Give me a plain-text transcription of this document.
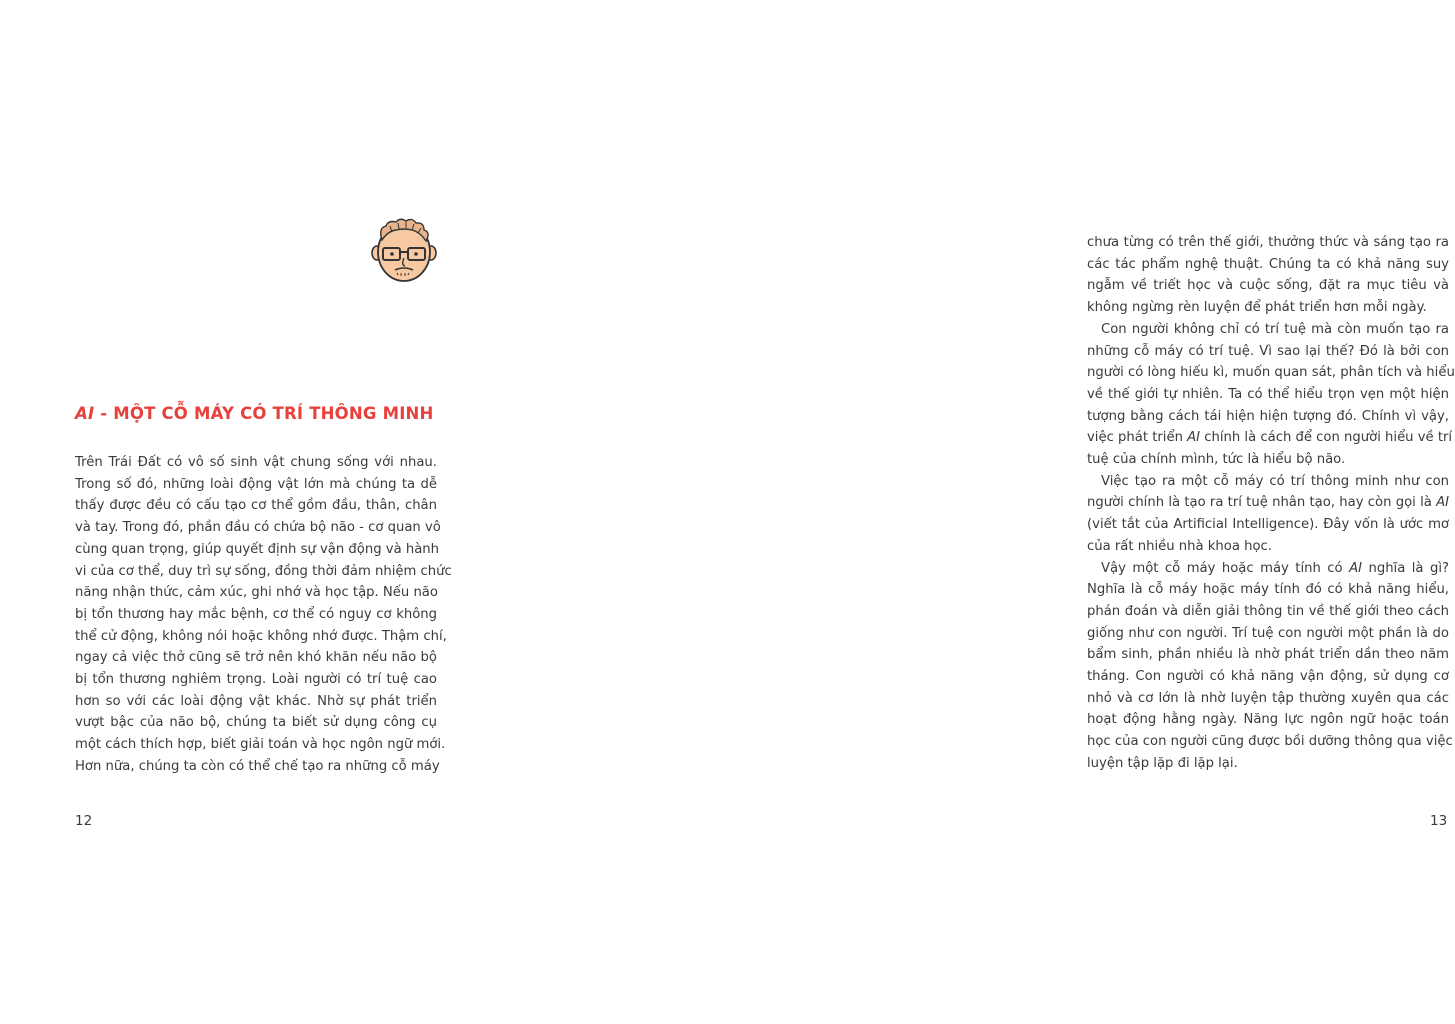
AI - MỘT CỖ MÁY CÓ TRÍ THÔNG MINH
Trên Trái Đất có vô số sinh vật chung sống với nhau.
Trong số đó, những loài động vật lớn mà chúng ta dễ
thấy được đều có cấu tạo cơ thể gồm đầu, thân, chân
và tay. Trong đó, phần đầu có chứa bộ não - cơ quan vô
cùng quan trọng, giúp quyết định sự vận động và hành
vi của cơ thể, duy trì sự sống, đồng thời đảm nhiệm chức
năng nhận thức, cảm xúc, ghi nhớ và học tập. Nếu não
bị tổn thương hay mắc bệnh, cơ thể có nguy cơ không
thể cử động, không nói hoặc không nhớ được. Thậm chí,
ngay cả việc thở cũng sẽ trở nên khó khăn nếu não bộ
bị tổn thương nghiêm trọng. Loài người có trí tuệ cao
hơn so với các loài động vật khác. Nhờ sự phát triển
vượt bậc của não bộ, chúng ta biết sử dụng công cụ
một cách thích hợp, biết giải toán và học ngôn ngữ mới.
Hơn nữa, chúng ta còn có thể chế tạo ra những cỗ máy
12
chưa từng có trên thế giới, thưởng thức và sáng tạo ra
các tác phẩm nghệ thuật. Chúng ta có khả năng suy
ngẫm về triết học và cuộc sống, đặt ra mục tiêu và
không ngừng rèn luyện để phát triển hơn mỗi ngày.
Con người không chỉ có trí tuệ mà còn muốn tạo ra
những cỗ máy có trí tuệ. Vì sao lại thế? Đó là bởi con
người có lòng hiếu kì, muốn quan sát, phân tích và hiểu
về thế giới tự nhiên. Ta có thể hiểu trọn vẹn một hiện
tượng bằng cách tái hiện hiện tượng đó. Chính vì vậy,
việc phát triển AI chính là cách để con người hiểu về trí
tuệ của chính mình, tức là hiểu bộ não.
Việc tạo ra một cỗ máy có trí thông minh như con
người chính là tạo ra trí tuệ nhân tạo, hay còn gọi là AI
(viết tắt của Artificial Intelligence). Đây vốn là ước mơ
của rất nhiều nhà khoa học.
Vậy một cỗ máy hoặc máy tính có AI nghĩa là gì?
Nghĩa là cỗ máy hoặc máy tính đó có khả năng hiểu,
phán đoán và diễn giải thông tin về thế giới theo cách
giống như con người. Trí tuệ con người một phần là do
bẩm sinh, phần nhiều là nhờ phát triển dần theo năm
tháng. Con người có khả năng vận động, sử dụng cơ
nhỏ và cơ lớn là nhờ luyện tập thường xuyên qua các
hoạt động hằng ngày. Năng lực ngôn ngữ hoặc toán
học của con người cũng được bồi dưỡng thông qua việc
luyện tập lặp đi lặp lại.
13
